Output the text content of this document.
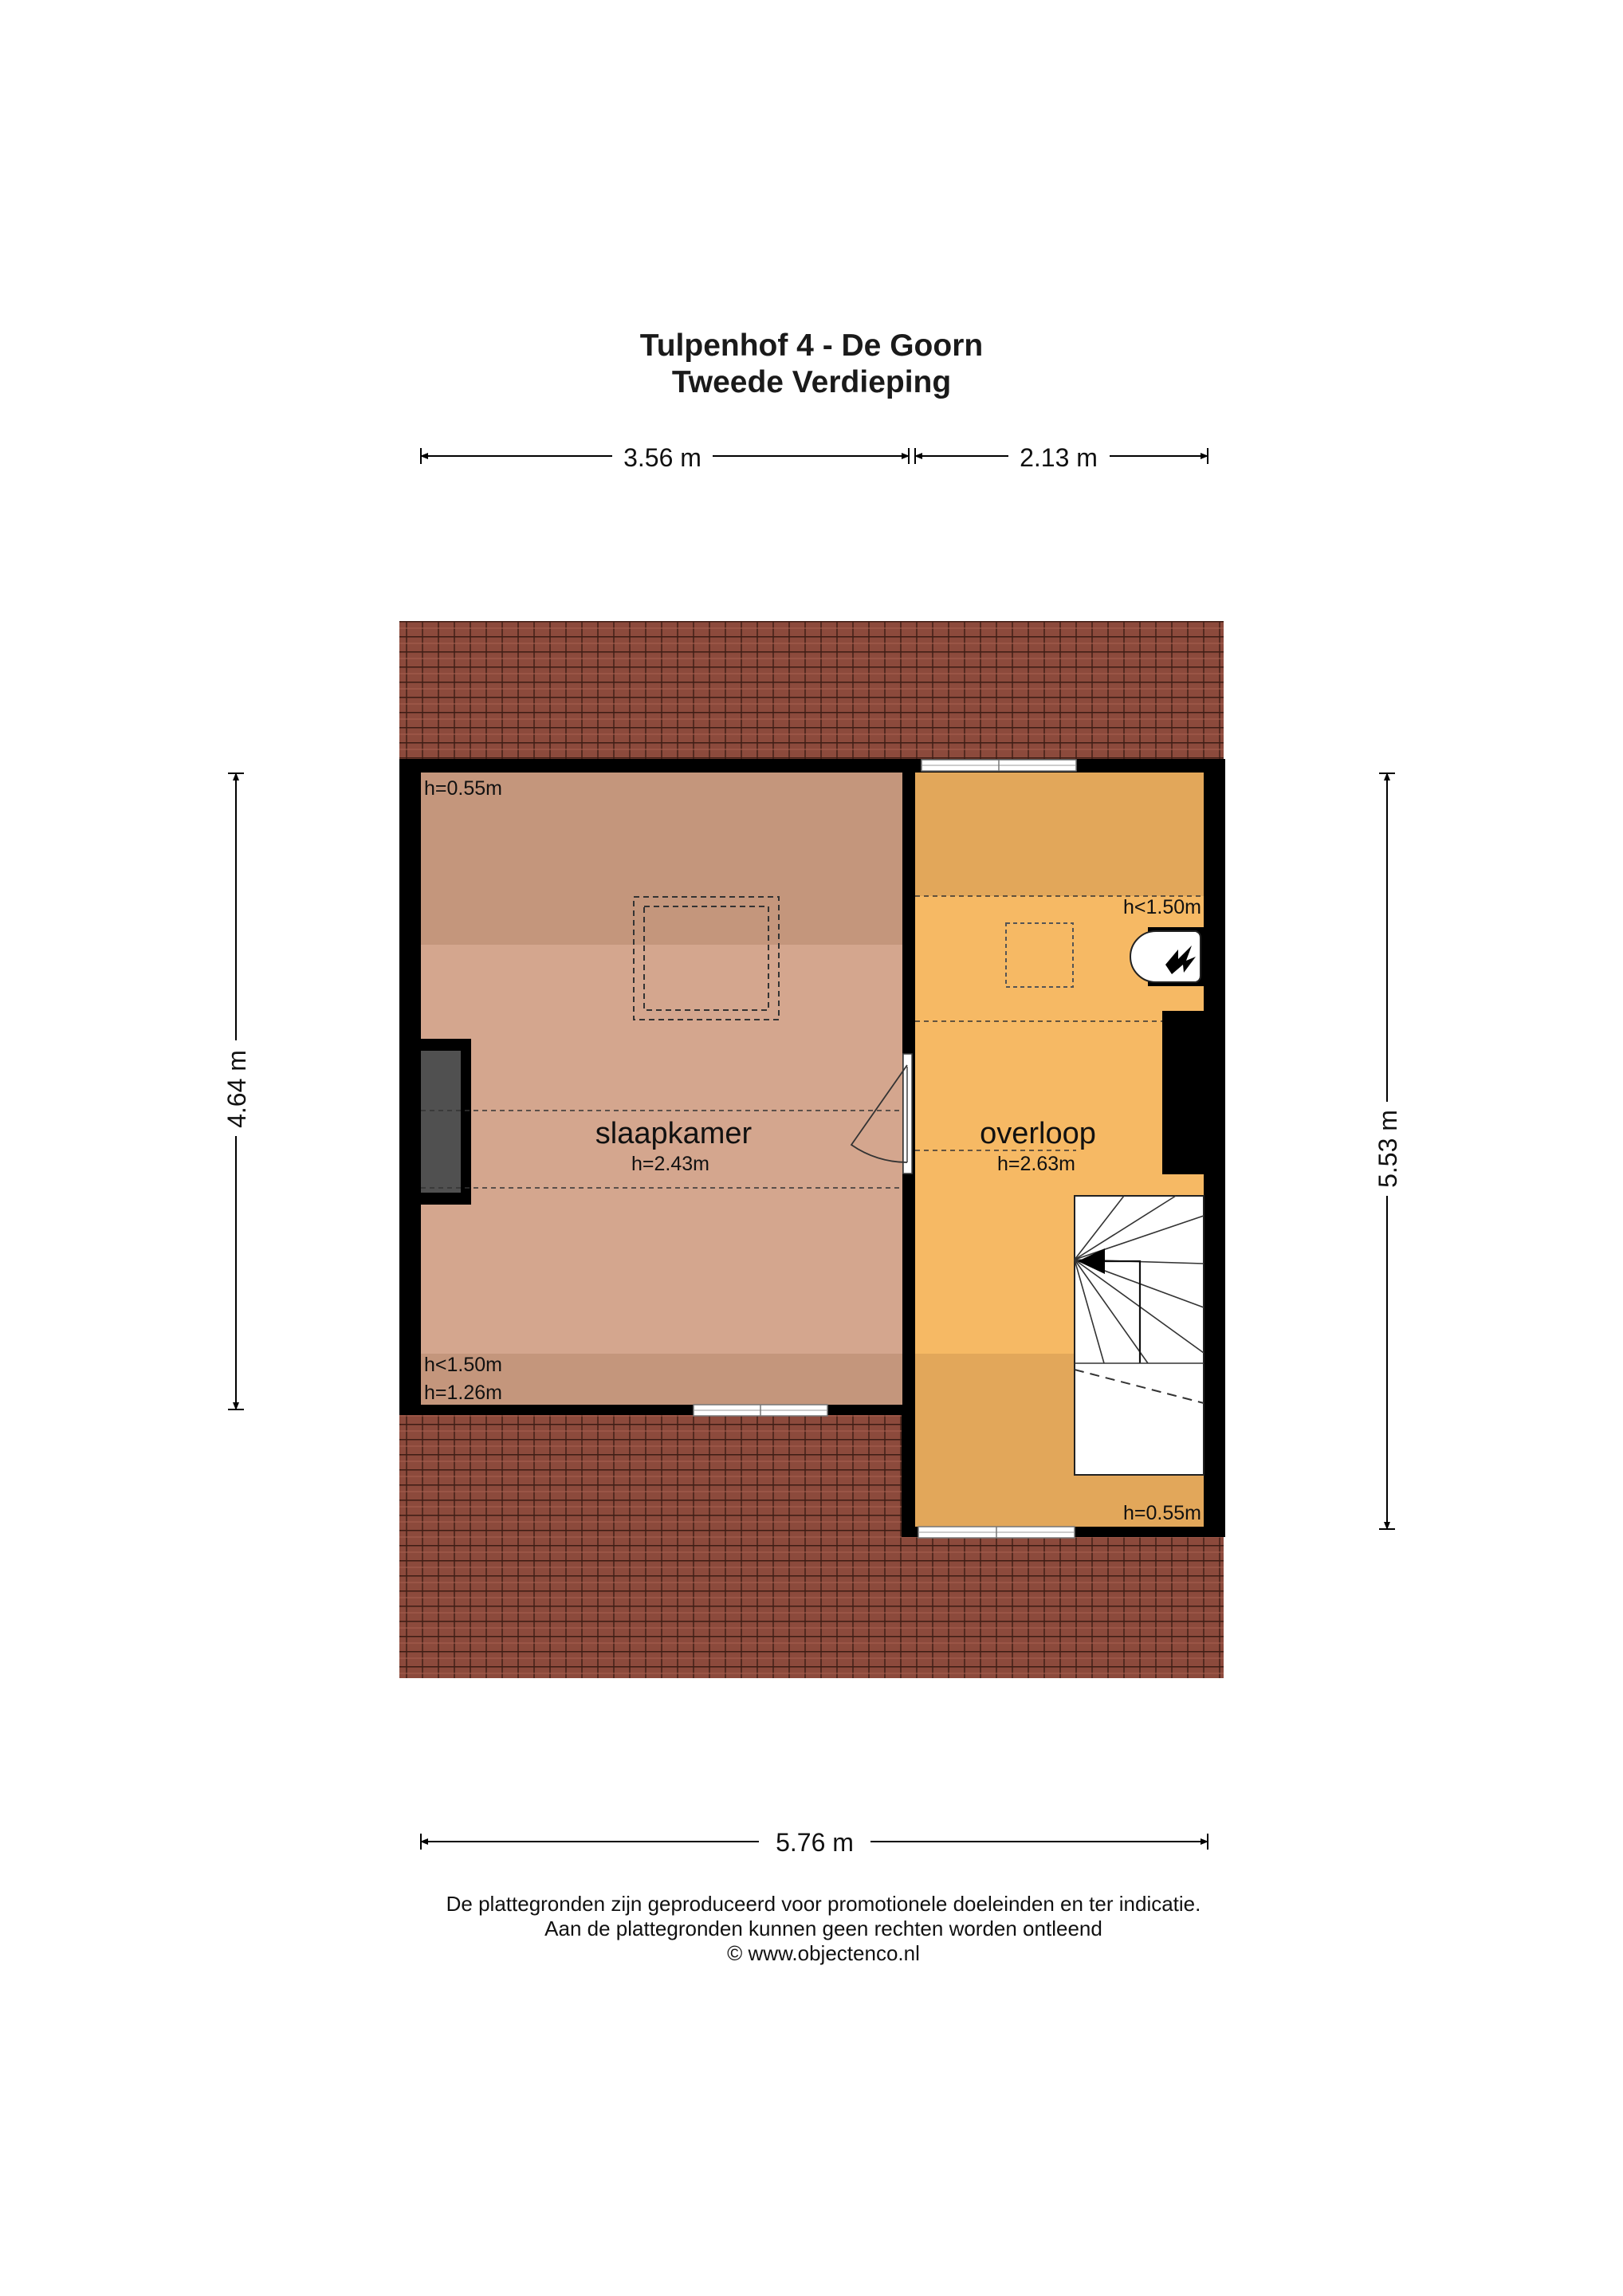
Tulpenhof 4 - De Goorn
Tweede Verdieping
3.56 m	2.13 m
4.64 m
5.53 m
slaapkamer
h=2.43m
overloop
h=2.63m
h=0.55m
h<1.50m
h=1.26m
h<1.50m
h=0.55m
5.76 m
De plattegronden zijn geproduceerd voor promotionele doeleinden en ter indicatie.
Aan de plattegronden kunnen geen rechten worden ontleend
© www.objectenco.nl
